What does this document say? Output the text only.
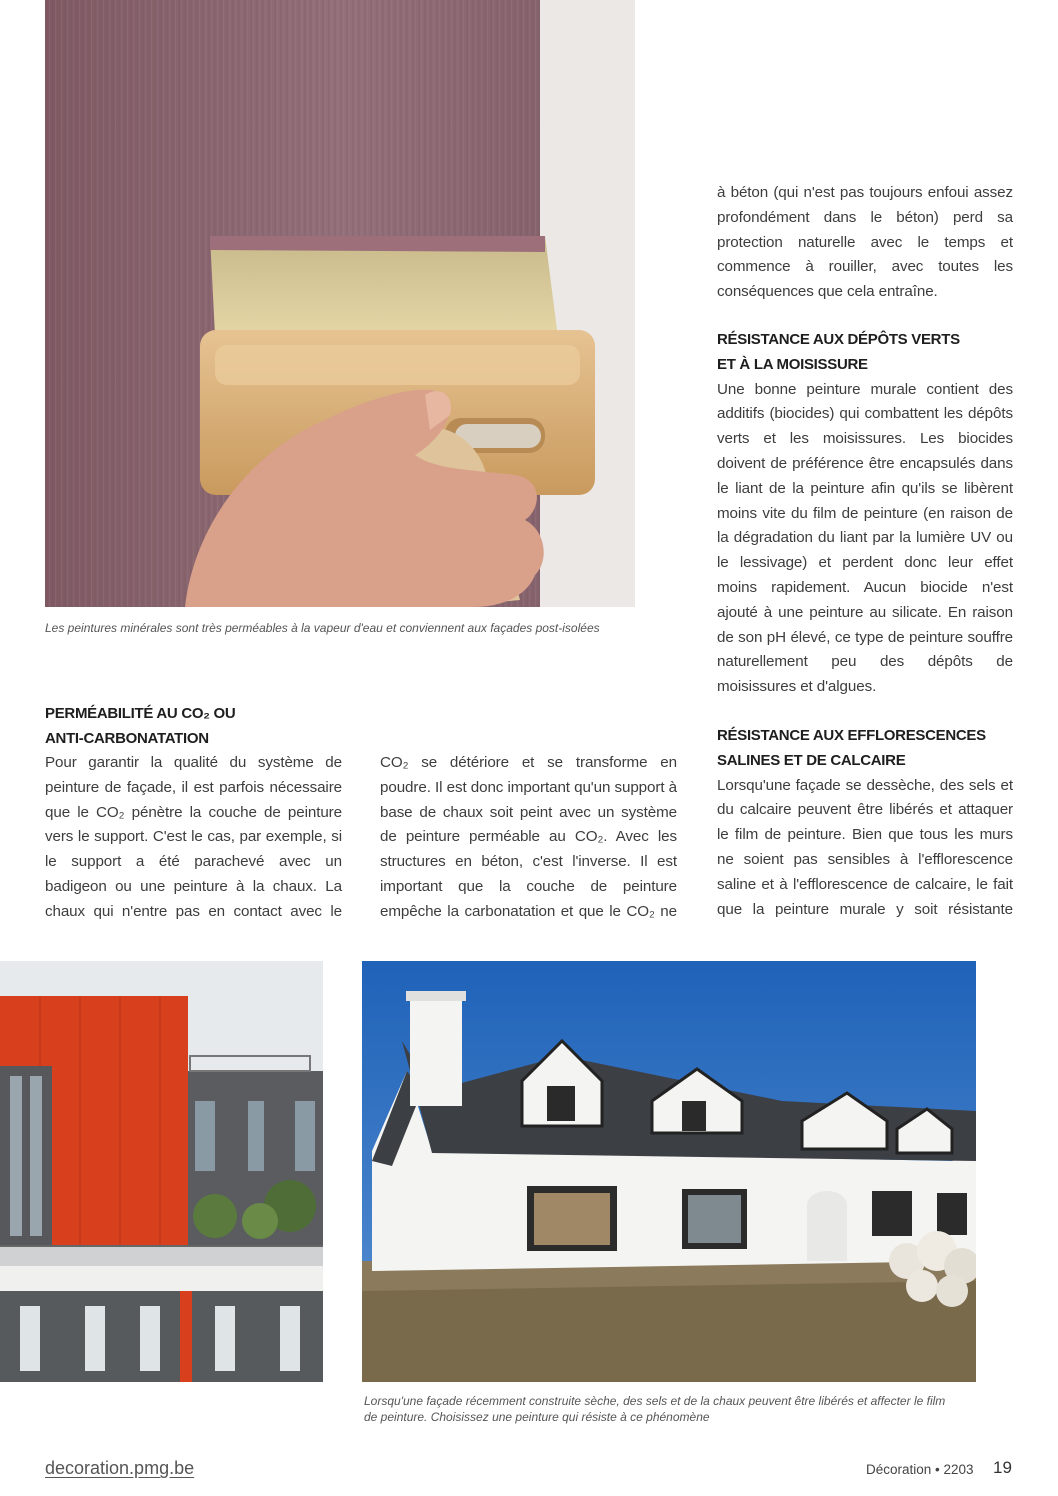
Les peintures minérales sont très perméables à la vapeur d'eau et conviennent aux façades post-isolées

PERMÉABILITÉ AU CO₂ OU

ANTI-CARBONATATION

Pour garantir la qualité du système de peinture de façade, il est parfois nécessaire que le CO₂ pénètre la couche de peinture vers le support. C'est le cas, par exemple, si le support a été parachevé avec un badigeon ou une peinture à la chaux. La chaux qui n'entre pas en contact avec le CO₂ se détériore et se transforme en poudre. Il est donc important qu'un support à base de chaux soit peint avec un système de peinture perméable au CO₂. Avec les structures en béton, c'est l'inverse. Il est important que la couche de peinture empêche la carbonatation et que le CO₂ ne
à béton (qui n'est pas toujours enfoui assez profondément dans le béton) perd sa protection naturelle avec le temps et commence à rouiller, avec toutes les conséquences que cela entraîne.

RÉSISTANCE AUX DÉPÔTS VERTS

ET À LA MOISISSURE

Une bonne peinture murale contient des additifs (biocides) qui combattent les dépôts verts et les moisissures. Les biocides doivent de préférence être encapsulés dans le liant de la peinture afin qu'ils se libèrent moins vite du film de peinture (en raison de la dégradation du liant par la lumière UV ou le lessivage) et perdent donc leur effet moins rapidement. Aucun biocide n'est ajouté à une peinture au silicate. En raison de son pH élevé, ce type de peinture souffre naturellement peu des dépôts de moisissures et d'algues.

RÉSISTANCE AUX EFFLORESCENCES

SALINES ET DE CALCAIRE

Lorsqu'une façade se dessèche, des sels et du calcaire peuvent être libérés et attaquer le film de peinture. Bien que tous les murs ne soient pas sensibles à l'efflorescence saline et à l'efflorescence de calcaire, le fait que la peinture murale y soit résistante
Lorsqu'une façade récemment construite sèche, des sels et de la chaux peuvent être libérés et affecter le film
de peinture. Choisissez une peinture qui résiste à ce phénomène
decoration.pmg.be	Décoration • 2203 19
